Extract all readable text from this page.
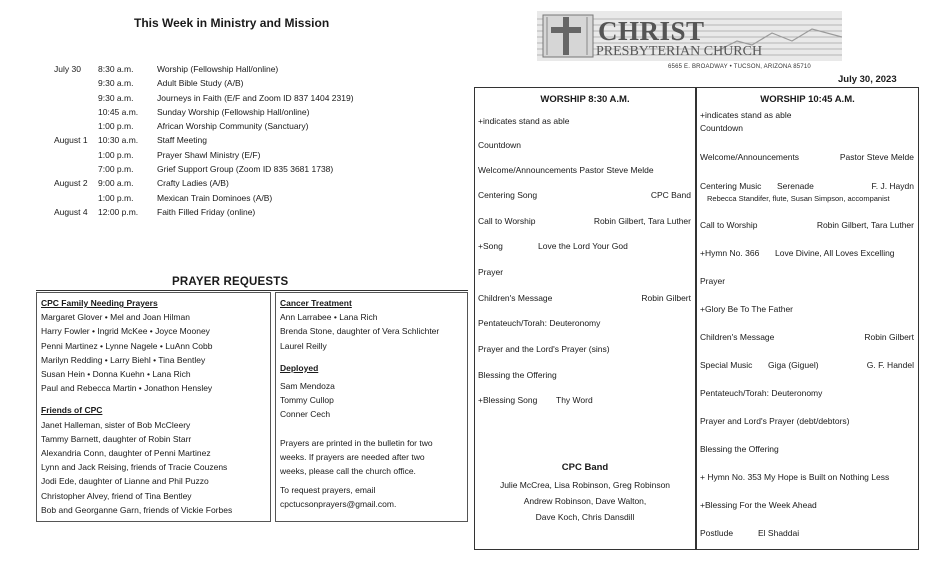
This Week in Ministry and Mission
July 30 8:30 a.m.	Worship (Fellowship Hall/online)
9:30 a.m.	Adult Bible Study (A/B)
9:30 a.m.	Journeys in Faith (E/F and Zoom ID 837 1404 2319)
10:45 a.m. Sunday Worship (Fellowship Hall/online)
1:00 p.m.	African Worship Community (Sanctuary)
August 1 10:30 a.m. Staff Meeting
1:00 p.m.	Prayer Shawl Ministry (E/F)
7:00 p.m.	Grief Support Group (Zoom ID 835 3681 1738)
August 2 9:00 a.m.	Crafty Ladies (A/B)
1:00 p.m.	Mexican Train Dominoes (A/B)
August 4 12:00 p.m. Faith Filled Friday (online)
PRAYER REQUESTS
CPC Family Needing Prayers
Margaret Glover • Mel and Joan Hilman
Harry Fowler • Ingrid McKee • Joyce Mooney
Penni Martinez • Lynne Nagele • LuAnn Cobb
Marilyn Redding • Larry Biehl • Tina Bentley
Susan Hein • Donna Kuehn • Lana Rich
Paul and Rebecca Martin • Jonathon Hensley
Friends of CPC
Janet Halleman, sister of Bob McCleery
Tammy Barnett, daughter of Robin Starr
Alexandria Conn, daughter of Penni Martinez
Lynn and Jack Reising, friends of Tracie Couzens
Jodi Ede, daughter of Lianne and Phil Puzzo
Christopher Alvey, friend of Tina Bentley
Bob and Georganne Garn, friends of Vickie Forbes
Cancer Treatment
Ann Larrabee • Lana Rich
Brenda Stone, daughter of Vera Schlichter
Laurel Reilly
Deployed
Sam Mendoza
Tommy Cullop
Conner Cech
Prayers are printed in the bulletin for two
weeks. If prayers are needed after two
weeks, please call the church office.
To request prayers, email
cpctucsonprayers@gmail.com.
CHRIST
PRESBYTERIAN CHURCH
6565 E. BROADWAY • TUCSON, ARIZONA 85710
July 30, 2023
WORSHIP 8:30 A.M.
+indicates stand as able
Countdown
Welcome/Announcements Pastor Steve Melde
Centering Song	CPC Band
Call to Worship	Robin Gilbert, Tara Luther
+Song	Love the Lord Your God
Prayer
Children's Message	Robin Gilbert
Pentateuch/Torah: Deuteronomy
Prayer and the Lord's Prayer (sins)
Blessing the Offering
+Blessing Song Thy Word
CPC Band
Julie McCrea, Lisa Robinson, Greg Robinson
Andrew Robinson, Dave Walton,
Dave Koch, Chris Dansdill
WORSHIP 10:45 A.M.
+indicates stand as able
Countdown
Welcome/Announcements	Pastor Steve Melde
Centering Music Serenade	F. J. Haydn
Rebecca Standifer, flute, Susan Simpson, accompanist
Call to Worship	Robin Gilbert, Tara Luther
+Hymn No. 366 Love Divine, All Loves Excelling
Prayer
+Glory Be To The Father
Children's Message	Robin Gilbert
Special Music Giga (Giguel)	G. F. Handel
Pentateuch/Torah: Deuteronomy
Prayer and Lord's Prayer (debt/debtors)
Blessing the Offering
+ Hymn No. 353 My Hope is Built on Nothing Less
+Blessing For the Week Ahead
Postlude	El Shaddai
